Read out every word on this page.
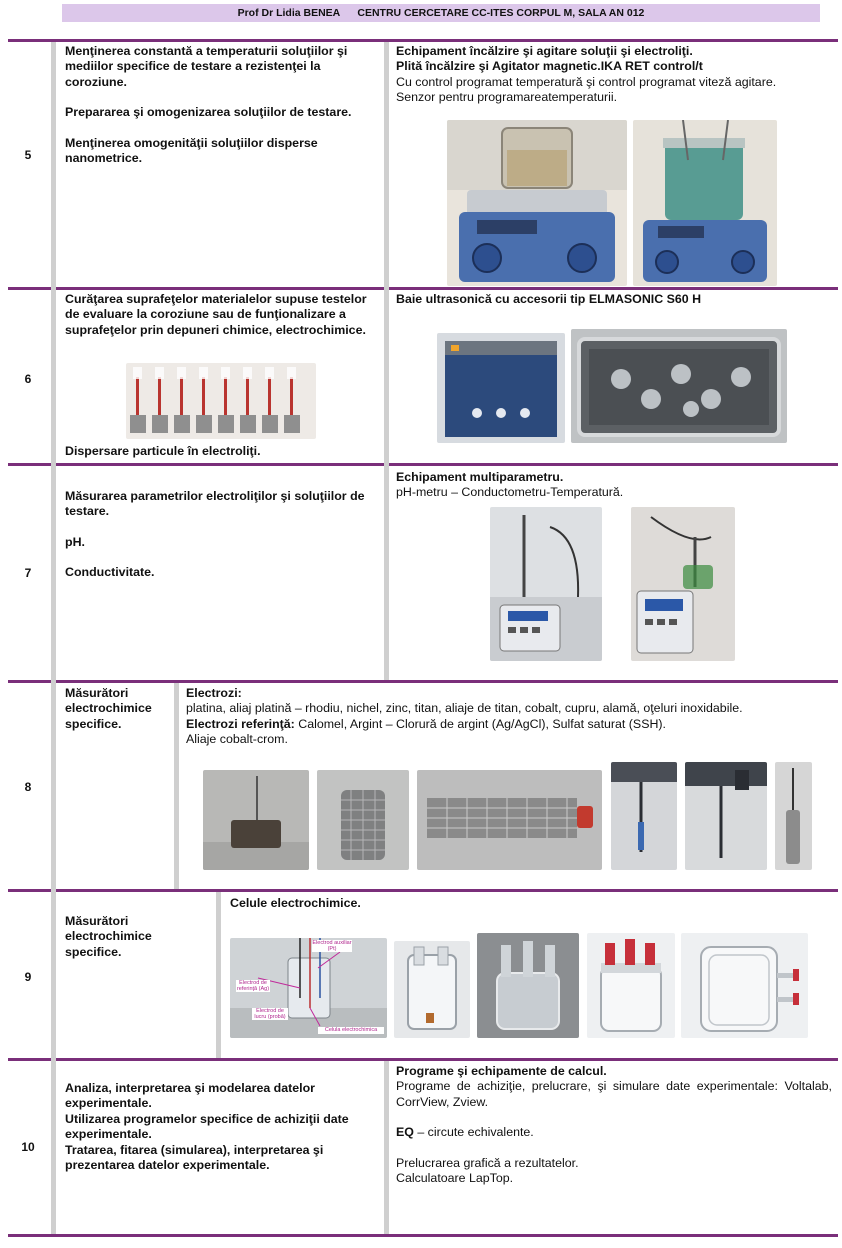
Prof Dr Lidia BENEA      CENTRU CERCETARE CC-ITES CORPUL M, SALA AN 012
5

Menţinerea constantă a temperaturii soluţiilor şi mediilor specifice de testare a rezistenţei la coroziune.

Prepararea şi omogenizarea soluţiilor de testare.

Menţinerea omogenităţii soluţiilor disperse nanometrice.

Echipament încălzire şi agitare soluţii şi electroliţi.

Plită încălzire şi Agitator magnetic.IKA RET control/t

Cu control programat temperatură şi control programat viteză agitare.

Senzor pentru programareatemperaturii.

6
Curăţarea suprafeţelor materialelor supuse testelor de evaluare la coroziune sau de funţionalizare a suprafeţelor prin depuneri chimice, electrochimice.
Dispersare particule în electroliţi.
Baie ultrasonică cu accesorii tip ELMASONIC S60 H
7

Măsurarea parametrilor electroliţilor şi soluţiilor de testare.

pH.

Conductivitate.

Echipament multiparametru.

pH-metru – Conductometru-Temperatură.

8
Măsurători electrochimice specifice.

Electrozi:

platina, aliaj platină – rhodiu, nichel, zinc, titan, aliaje de titan, cobalt, cupru, alamă, oţeluri inoxidabile.

Electrozi referinţă: Calomel, Argint – Clorură de argint (Ag/AgCl), Sulfat saturat (SSH).

Aliaje cobalt-crom.

9
Măsurători electrochimice specifice.
Celule electrochimice.
Electrod auxiliar (Pt)
Electrod de referinţă (Ag)
Electrod de lucru (probă)
Celula electrochimica
10

Analiza, interpretarea şi modelarea datelor experimentale.

Utilizarea programelor specifice de achiziţii date experimentale.

Tratarea, fitarea (simularea), interpretarea şi prezentarea datelor experimentale.

Programe şi echipamente de calcul.

Programe de achiziţie, prelucrare, şi simulare date experimentale: Voltalab, CorrView, Zview.

EQ – circute echivalente.

Prelucrarea grafică a rezultatelor.

Calculatoare LapTop.
